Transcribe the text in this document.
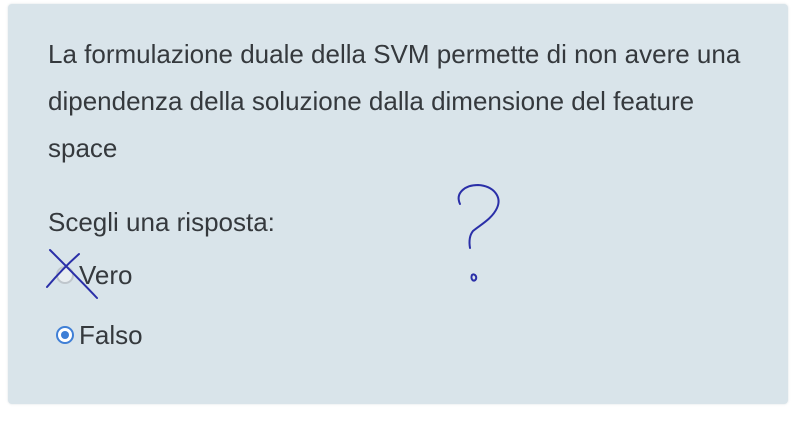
La formulazione duale della SVM permette di non avere una dipendenza della soluzione dalla dimensione del feature space

Scegli una risposta:

Vero
Falso
